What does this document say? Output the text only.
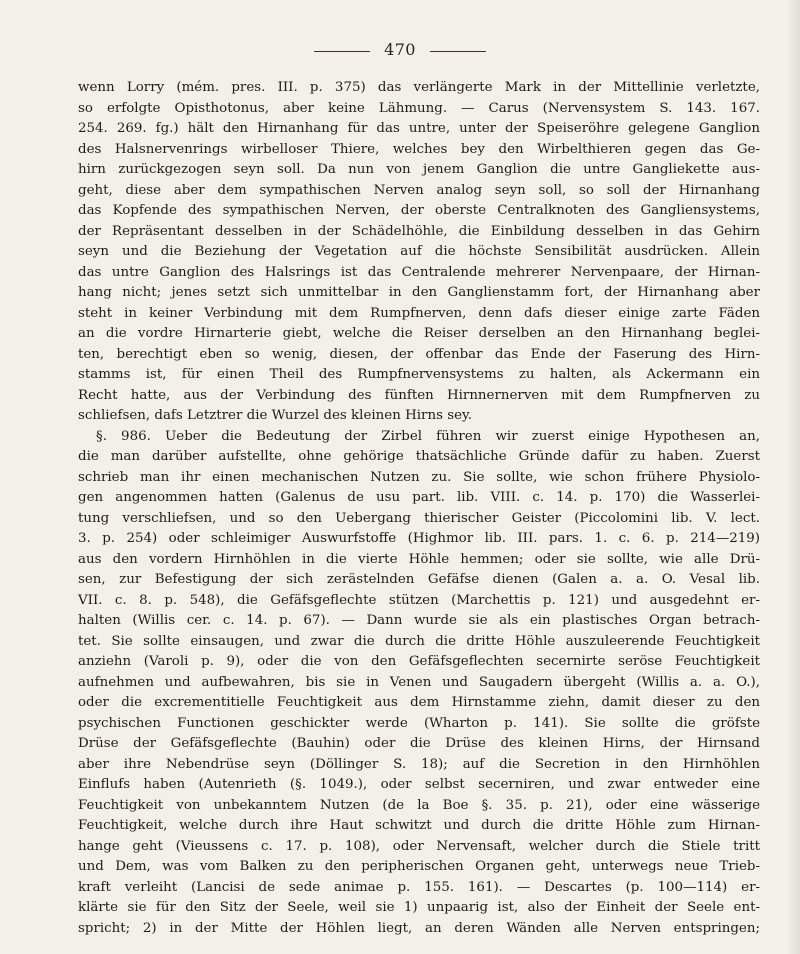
470
wenn Lorry (mém. pres. III. p. 375) das verlängerte Mark in der Mittellinie verletzte,
so erfolgte Opisthotonus, aber keine Lähmung. — Carus (Nervensystem S. 143. 167.
254. 269. fg.) hält den Hirnanhang für das untre, unter der Speiseröhre gelegene Ganglion
des Halsnervenrings wirbelloser Thiere, welches bey den Wirbelthieren gegen das Ge-
hirn zurückgezogen seyn soll. Da nun von jenem Ganglion die untre Gangliekette aus-
geht, diese aber dem sympathischen Nerven analog seyn soll, so soll der Hirnanhang
das Kopfende des sympathischen Nerven, der oberste Centralknoten des Gangliensystems,
der Repräsentant desselben in der Schädelhöhle, die Einbildung desselben in das Gehirn
seyn und die Beziehung der Vegetation auf die höchste Sensibilität ausdrücken. Allein
das untre Ganglion des Halsrings ist das Centralende mehrerer Nervenpaare, der Hirnan-
hang nicht; jenes setzt sich unmittelbar in den Ganglienstamm fort, der Hirnanhang aber
steht in keiner Verbindung mit dem Rumpfnerven, denn dafs dieser einige zarte Fäden
an die vordre Hirnarterie giebt, welche die Reiser derselben an den Hirnanhang beglei-
ten, berechtigt eben so wenig, diesen, der offenbar das Ende der Faserung des Hirn-
stamms ist, für einen Theil des Rumpfnervensystems zu halten, als Ackermann ein
Recht hatte, aus der Verbindung des fünften Hirnnernerven mit dem Rumpfnerven zu
schliefsen, dafs Letztrer die Wurzel des kleinen Hirns sey.
§. 986. Ueber die Bedeutung der Zirbel führen wir zuerst einige Hypothesen an,
die man darüber aufstellte, ohne gehörige thatsächliche Gründe dafür zu haben. Zuerst
schrieb man ihr einen mechanischen Nutzen zu. Sie sollte, wie schon frühere Physiolo-
gen angenommen hatten (Galenus de usu part. lib. VIII. c. 14. p. 170) die Wasserlei-
tung verschliefsen, und so den Uebergang thierischer Geister (Piccolomini lib. V. lect.
3. p. 254) oder schleimiger Auswurfstoffe (Highmor lib. III. pars. 1. c. 6. p. 214—219)
aus den vordern Hirnhöhlen in die vierte Höhle hemmen; oder sie sollte, wie alle Drü-
sen, zur Befestigung der sich zerästelnden Gefäfse dienen (Galen a. a. O. Vesal lib.
VII. c. 8. p. 548), die Gefäfsgeflechte stützen (Marchettis p. 121) und ausgedehnt er-
halten (Willis cer. c. 14. p. 67). — Dann wurde sie als ein plastisches Organ betrach-
tet. Sie sollte einsaugen, und zwar die durch die dritte Höhle auszuleerende Feuchtigkeit
anziehn (Varoli p. 9), oder die von den Gefäfsgeflechten secernirte seröse Feuchtigkeit
aufnehmen und aufbewahren, bis sie in Venen und Saugadern übergeht (Willis a. a. O.),
oder die excrementitielle Feuchtigkeit aus dem Hirnstamme ziehn, damit dieser zu den
psychischen Functionen geschickter werde (Wharton p. 141). Sie sollte die gröfste
Drüse der Gefäfsgeflechte (Bauhin) oder die Drüse des kleinen Hirns, der Hirnsand
aber ihre Nebendrüse seyn (Döllinger S. 18); auf die Secretion in den Hirnhöhlen
Einflufs haben (Autenrieth (§. 1049.), oder selbst secerniren, und zwar entweder eine
Feuchtigkeit von unbekanntem Nutzen (de la Boe §. 35. p. 21), oder eine wässerige
Feuchtigkeit, welche durch ihre Haut schwitzt und durch die dritte Höhle zum Hirnan-
hange geht (Vieussens c. 17. p. 108), oder Nervensaft, welcher durch die Stiele tritt
und Dem, was vom Balken zu den peripherischen Organen geht, unterwegs neue Trieb-
kraft verleiht (Lancisi de sede animae p. 155. 161). — Descartes (p. 100—114) er-
klärte sie für den Sitz der Seele, weil sie 1) unpaarig ist, also der Einheit der Seele ent-
spricht; 2) in der Mitte der Höhlen liegt, an deren Wänden alle Nerven entspringen;
